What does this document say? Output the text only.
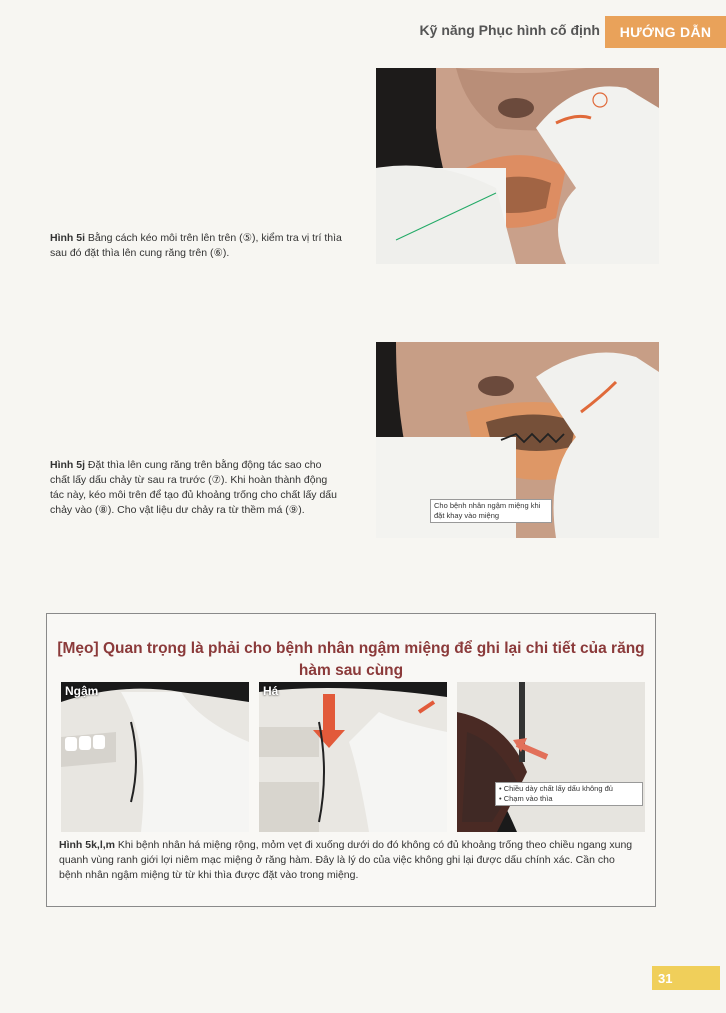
Kỹ năng Phục hình cố định	HƯỚNG DẪN
Hình 5i Bằng cách kéo môi trên lên trên (⑤), kiểm tra vị trí thìa sau đó đặt thìa lên cung răng trên (⑥).
Cho bệnh nhân ngậm miệng khi đặt khay vào miệng
Hình 5j Đặt thìa lên cung răng trên bằng động tác sao cho chất lấy dấu chảy từ sau ra trước (⑦). Khi hoàn thành động tác này, kéo môi trên để tạo đủ khoảng trống cho chất lấy dấu chảy vào (⑧). Cho vật liệu dư chảy ra từ thềm má (⑨).
[Mẹo] Quan trọng là phải cho bệnh nhân ngậm miệng để ghi lại chi tiết của răng hàm sau cùng
Ngậm	Há
• Chiều dày chất lấy dấu không đủ
• Chạm vào thìa
Hình 5k,l,m Khi bệnh nhân há miệng rộng, mỏm vẹt đi xuống dưới do đó không có đủ khoảng trống theo chiều ngang xung quanh vùng ranh giới lợi niêm mạc miệng ở răng hàm. Đây là lý do của việc không ghi lại được dấu chính xác. Cần cho bệnh nhân ngậm miệng từ từ khi thìa được đặt vào trong miệng.
31
